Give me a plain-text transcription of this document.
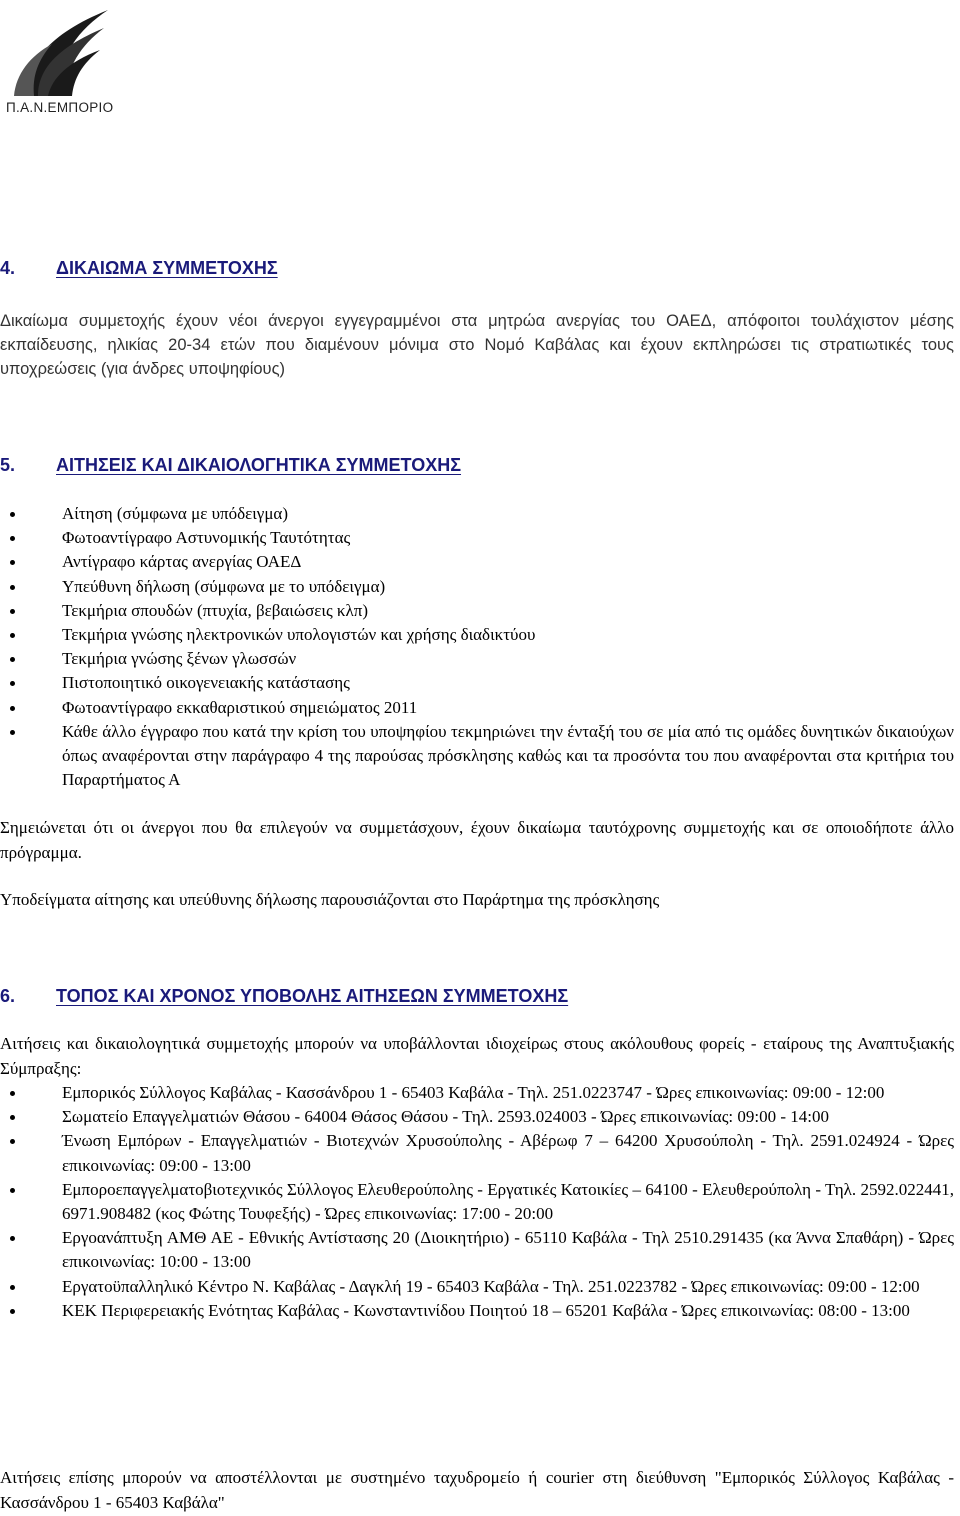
Π.Α.Ν.ΕΜΠΟΡΙΟ
4. ΔΙΚΑΙΩΜΑ ΣΥΜΜΕΤΟΧΗΣ

Δικαίωμα συμμετοχής έχουν νέοι άνεργοι εγγεγραμμένοι στα μητρώα ανεργίας του ΟΑΕΔ, απόφοιτοι τουλάχιστον μέσης εκπαίδευσης, ηλικίας 20-34 ετών που διαμένουν μόνιμα στο Νομό Καβάλας και έχουν εκπληρώσει τις στρατιωτικές τους υποχρεώσεις (για άνδρες υποψηφίους)

5. ΑΙΤΗΣΕΙΣ ΚΑΙ ΔΙΚΑΙΟΛΟΓΗΤΙΚΑ ΣΥΜΜΕΤΟΧΗΣ
Αίτηση (σύμφωνα με υπόδειγμα)
Φωτοαντίγραφο Αστυνομικής Ταυτότητας
Αντίγραφο κάρτας ανεργίας ΟΑΕΔ
Υπεύθυνη δήλωση (σύμφωνα με το υπόδειγμα)
Τεκμήρια σπουδών (πτυχία, βεβαιώσεις κλπ)
Τεκμήρια γνώσης ηλεκτρονικών υπολογιστών και χρήσης διαδικτύου
Τεκμήρια γνώσης ξένων γλωσσών
Πιστοποιητικό οικογενειακής κατάστασης
Φωτοαντίγραφο εκκαθαριστικού σημειώματος 2011
Κάθε άλλο έγγραφο που κατά την κρίση του υποψηφίου τεκμηριώνει την ένταξή του σε μία από τις ομάδες δυνητικών δικαιούχων όπως αναφέρονται στην παράγραφο 4 της παρούσας πρόσκλησης καθώς και τα προσόντα του που αναφέρονται στα κριτήρια του Παραρτήματος Α

Σημειώνεται ότι οι άνεργοι που θα επιλεγούν να συμμετάσχουν, έχουν δικαίωμα ταυτόχρονης συμμετοχής και σε οποιοδήποτε άλλο πρόγραμμα.

Υποδείγματα αίτησης και υπεύθυνης δήλωσης παρουσιάζονται στο Παράρτημα της πρόσκλησης

6. ΤΟΠΟΣ ΚΑΙ ΧΡΟΝΟΣ ΥΠΟΒΟΛΗΣ ΑΙΤΗΣΕΩΝ ΣΥΜΜΕΤΟΧΗΣ

Αιτήσεις και δικαιολογητικά συμμετοχής μπορούν να υποβάλλονται ιδιοχείρως στους ακόλουθους φορείς - εταίρους της Αναπτυξιακής Σύμπραξης:

Εμπορικός Σύλλογος Καβάλας - Κασσάνδρου 1 - 65403 Καβάλα - Τηλ. 251.0223747 - Ώρες επικοινωνίας: 09:00 - 12:00
Σωματείο Επαγγελματιών Θάσου - 64004 Θάσος Θάσου - Τηλ. 2593.024003 - Ώρες επικοινωνίας: 09:00 - 14:00
Ένωση Εμπόρων - Επαγγελματιών - Βιοτεχνών Χρυσούπολης - Αβέρωφ 7 – 64200 Χρυσούπολη - Τηλ. 2591.024924 - Ώρες επικοινωνίας: 09:00 - 13:00
Εμποροεπαγγελματοβιοτεχνικός Σύλλογος Ελευθερούπολης - Εργατικές Κατοικίες – 64100 - Ελευθερούπολη - Τηλ. 2592.022441, 6971.908482 (κος Φώτης Τουφεξής) - Ώρες επικοινωνίας: 17:00 - 20:00
Εργοανάπτυξη ΑΜΘ ΑΕ - Εθνικής Αντίστασης 20 (Διοικητήριο) - 65110 Καβάλα - Τηλ 2510.291435 (κα Άννα Σπαθάρη) - Ώρες επικοινωνίας: 10:00 - 13:00
Εργατοϋπαλληλικό Κέντρο Ν. Καβάλας - Δαγκλή 19 - 65403 Καβάλα - Τηλ. 251.0223782 - Ώρες επικοινωνίας: 09:00 - 12:00
ΚΕΚ Περιφερειακής Ενότητας Καβάλας - Κωνσταντινίδου Ποιητού 18 – 65201 Καβάλα - Ώρες επικοινωνίας: 08:00 - 13:00

Αιτήσεις επίσης μπορούν να αποστέλλονται με συστημένο ταχυδρομείο ή courier στη διεύθυνση "Εμπορικός Σύλλογος Καβάλας - Κασσάνδρου 1 - 65403 Καβάλα"
